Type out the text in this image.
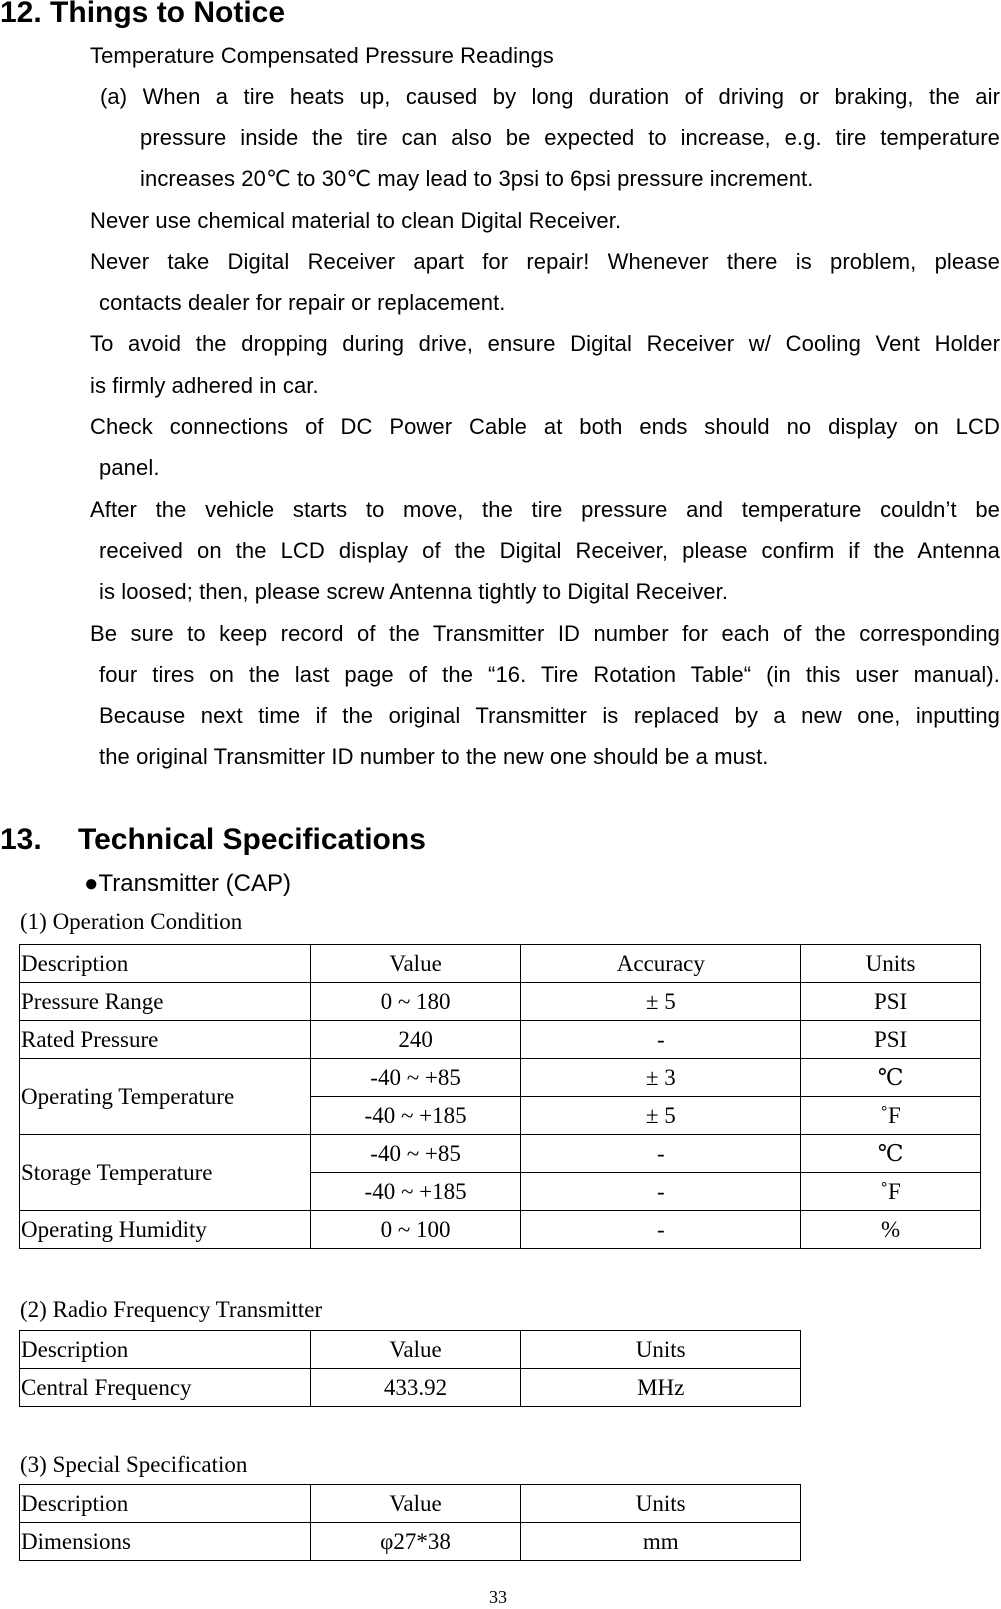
12. Things to Notice
Temperature Compensated Pressure Readings
(a) When a tire heats up, caused by long duration of driving or braking, the air
pressure inside the tire can also be expected to increase, e.g. tire temperature
increases 20℃ to 30℃ may lead to 3psi to 6psi pressure increment.
Never use chemical material to clean Digital Receiver.
Never take Digital Receiver apart for repair! Whenever there is problem, please
contacts dealer for repair or replacement.
To avoid the dropping during drive, ensure Digital Receiver w/ Cooling Vent Holder
is firmly adhered in car.
Check connections of DC Power Cable at both ends should no display on LCD
panel.
After the vehicle starts to move, the tire pressure and temperature couldn’t be
received on the LCD display of the Digital Receiver, please confirm if the Antenna
is loosed; then, please screw Antenna tightly to Digital Receiver.
Be sure to keep record of the Transmitter ID number for each of the corresponding
four tires on the last page of the “16. Tire Rotation Table“ (in this user manual).
Because next time if the original Transmitter is replaced by a new one, inputting
the original Transmitter ID number to the new one should be a must.
13. Technical Specifications
●Transmitter (CAP)
(1) Operation Condition
Description	Value	Accuracy	Units
Pressure Range	0 ~ 180	± 5	PSI
Rated Pressure	240	-	PSI
Operating Temperature	-40 ~ +85	± 3	℃
	-40 ~ +185	± 5	˚F
Storage Temperature	-40 ~ +85	-	℃
	-40 ~ +185	-	˚F
Operating Humidity	0 ~ 100	-	%
(2) Radio Frequency Transmitter
Description	Value	Units
Central Frequency	433.92	MHz
(3) Special Specification
Description	Value	Units
Dimensions	φ27*38	mm
33
